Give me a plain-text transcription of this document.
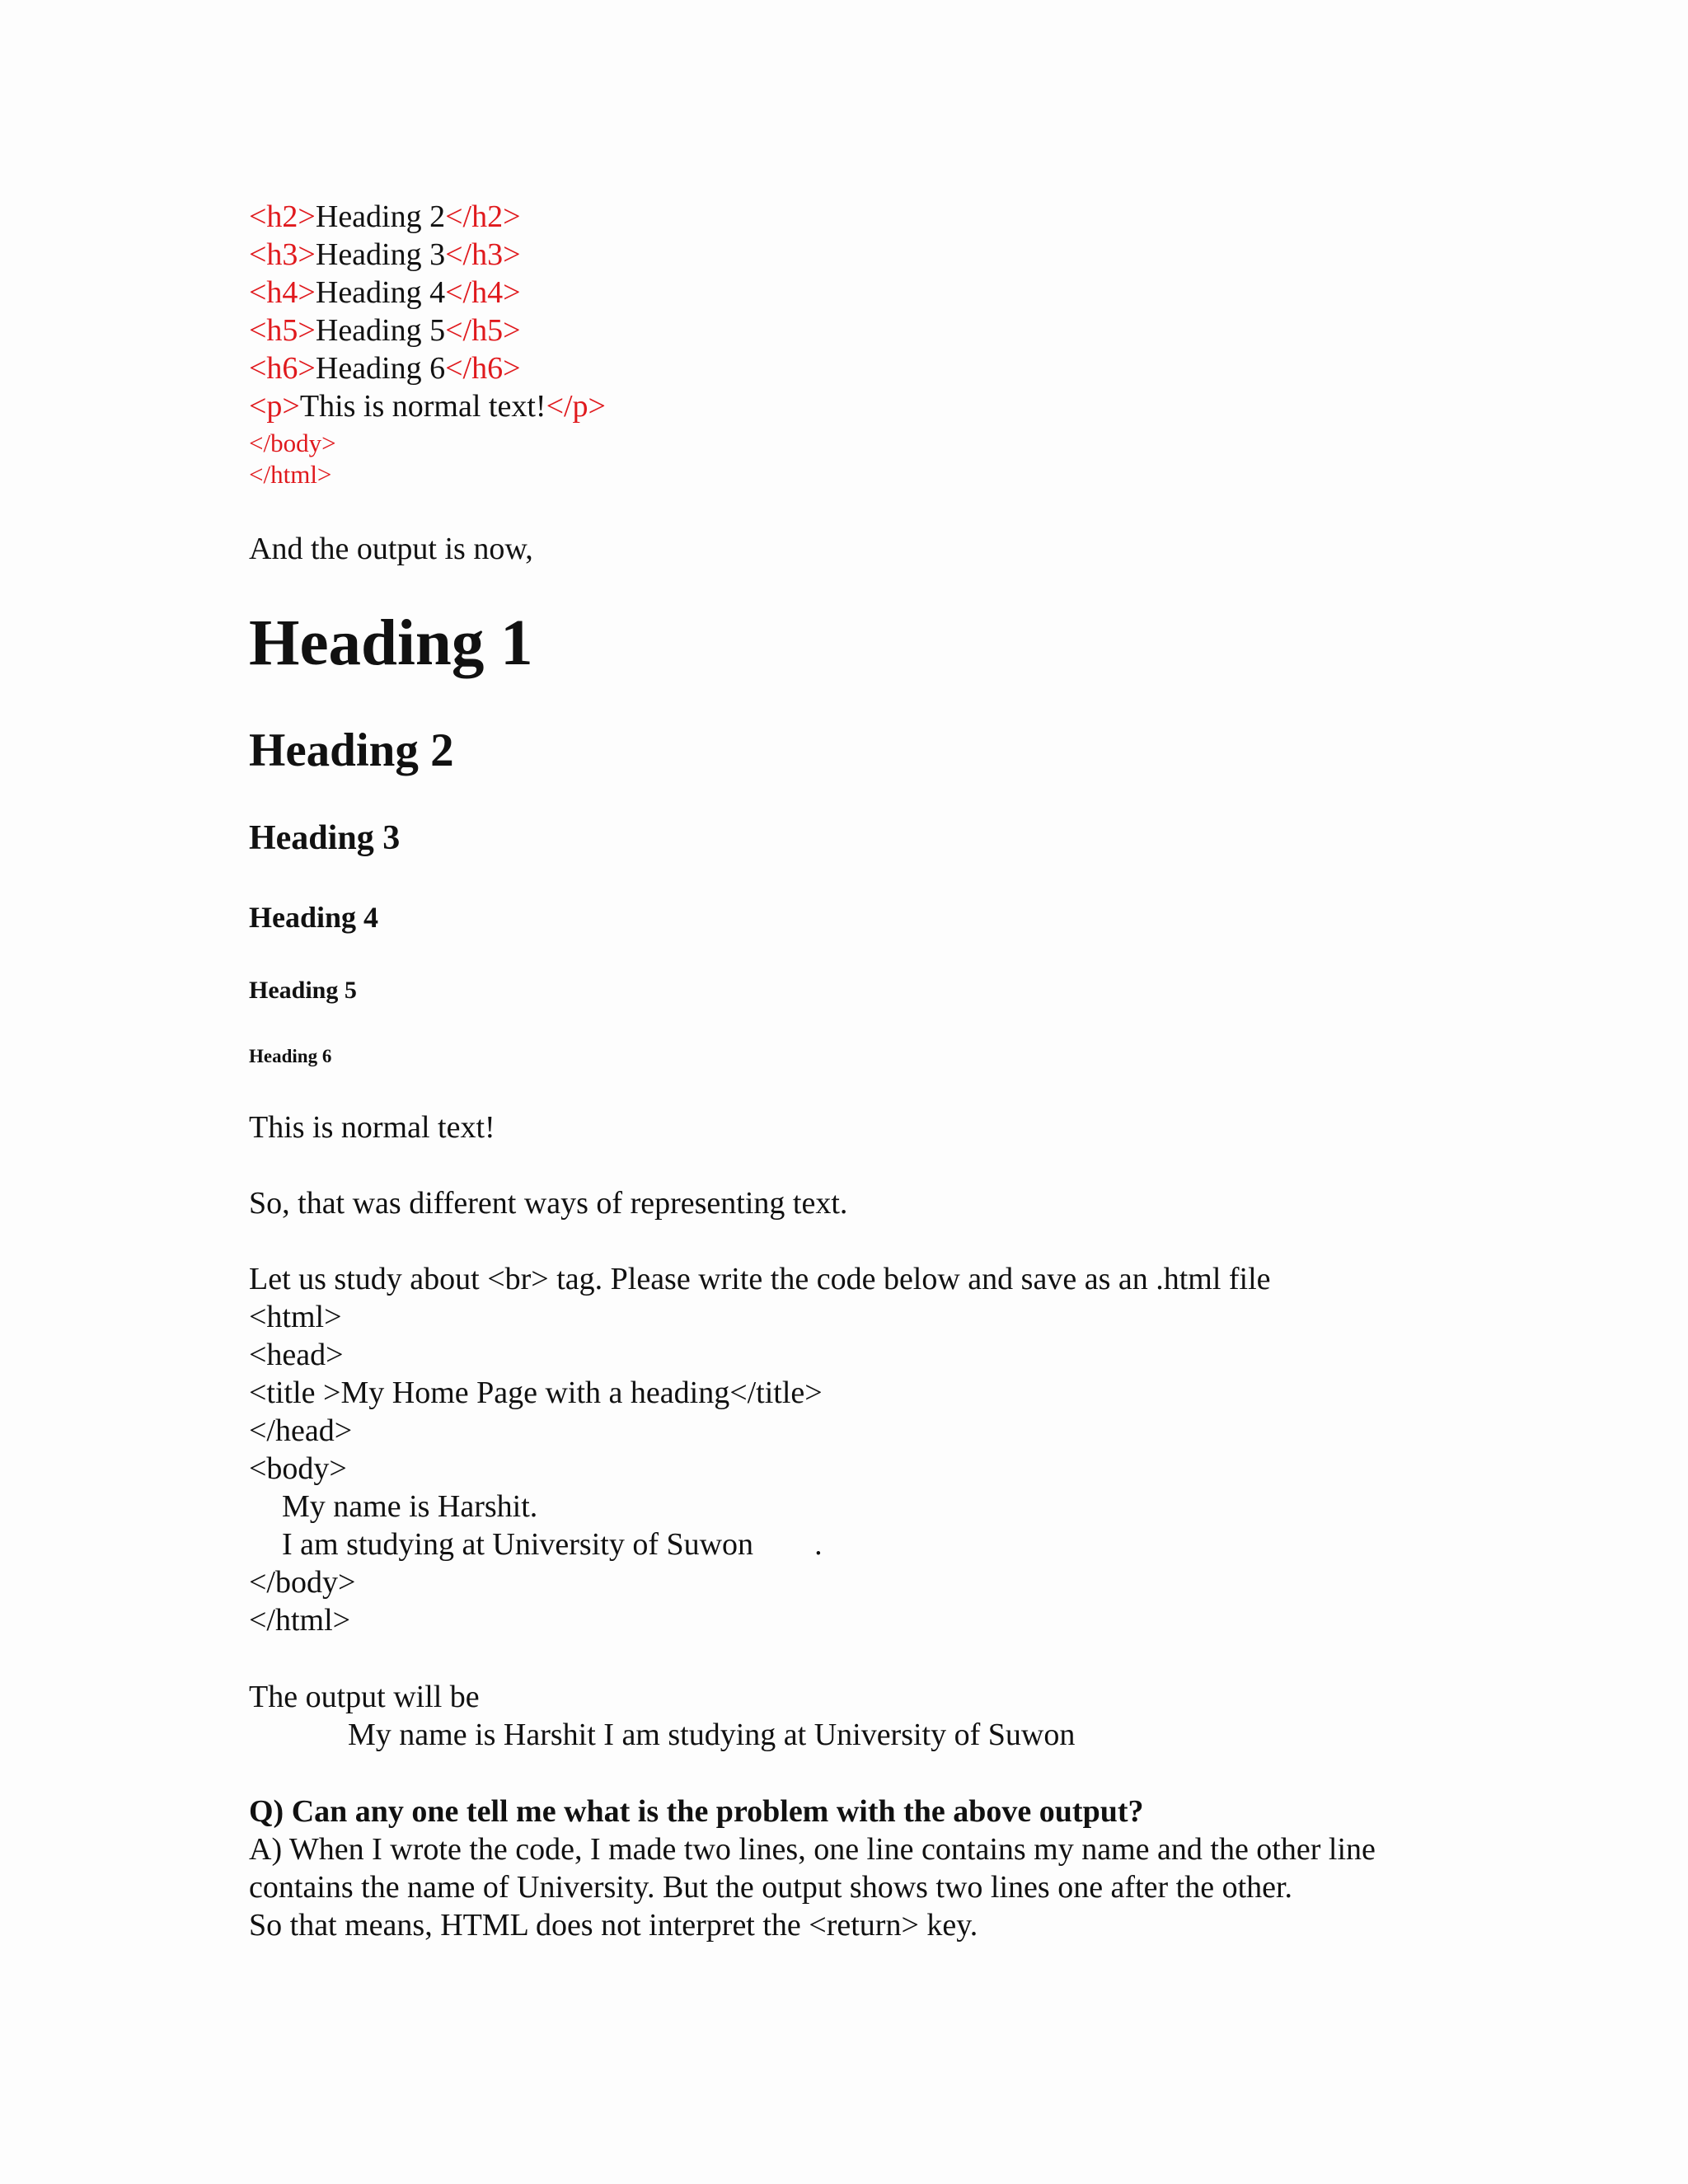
<h2>Heading 2</h2>
<h3>Heading 3</h3>
<h4>Heading 4</h4>
<h5>Heading 5</h5>
<h6>Heading 6</h6>
<p>This is normal text!</p>
</body>
</html>
And the output is now,
Heading 1
Heading 2
Heading 3
Heading 4
Heading 5
Heading 6
This is normal text!
So, that was different ways of representing text.
Let us study about <br> tag. Please write the code below and save as an .html file
<html>
<head>
<title >My Home Page with a heading</title>
</head>
<body>
My name is Harshit.
I am studying at University of Suwon .
</body>
</html>
The output will be
My name is Harshit I am studying at University of Suwon
Q) Can any one tell me what is the problem with the above output?
A) When I wrote the code, I made two lines, one line contains my name and the other line
contains the name of University. But the output shows two lines one after the other.
So that means, HTML does not interpret the <return> key.
